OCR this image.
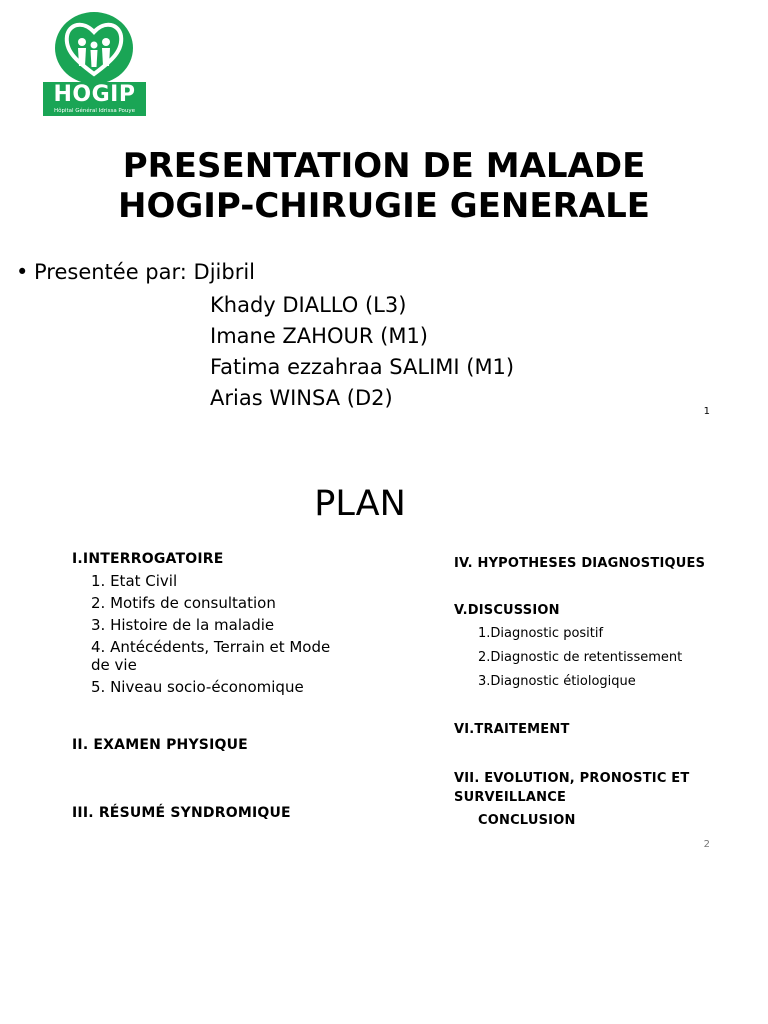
HOGIP
Hôpital Général Idrissa Pouye
PRESENTATION DE MALADE
HOGIP-CHIRUGIE GENERALE
• Presentée par: Djibril
Khady DIALLO (L3)
Imane ZAHOUR (M1)
Fatima ezzahraa SALIMI (M1)
Arias WINSA (D2)
1
PLAN
I.INTERROGATOIRE
1. Etat Civil
2. Motifs de consultation
3. Histoire de la maladie
4. Antécédents, Terrain et Mode    de vie
5. Niveau socio-économique
II. EXAMEN PHYSIQUE
III. RÉSUMÉ SYNDROMIQUE
IV. HYPOTHESES DIAGNOSTIQUES
V.DISCUSSION
1.Diagnostic positif
2.Diagnostic de retentissement
3.Diagnostic étiologique
VI.TRAITEMENT
VII. EVOLUTION, PRONOSTIC ET SURVEILLANCE
CONCLUSION
2
